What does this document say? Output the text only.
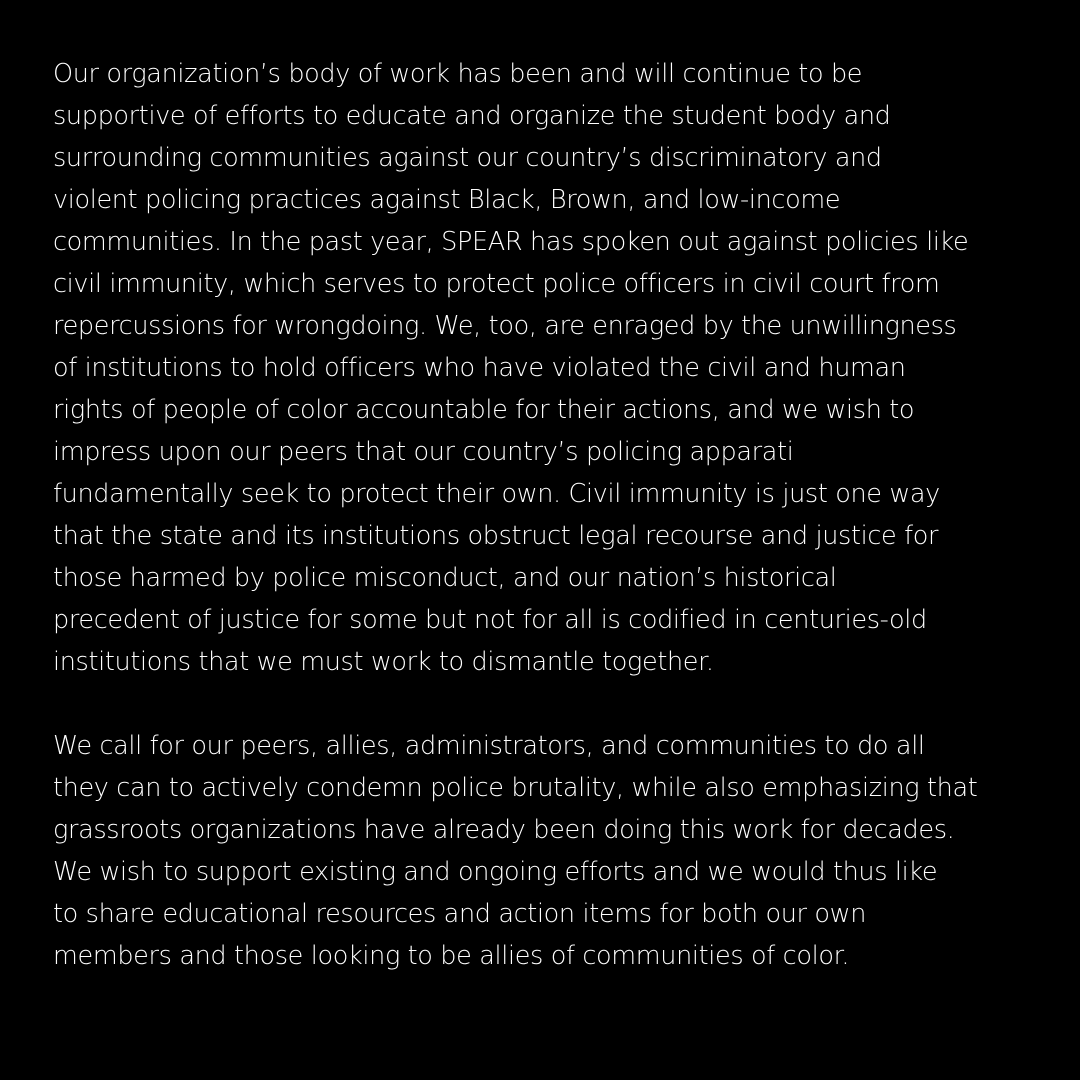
Our organization’s body of work has been and will continue to be
supportive of efforts to educate and organize the student body and
surrounding communities against our country’s discriminatory and
violent policing practices against Black, Brown, and low-income
communities. In the past year, SPEAR has spoken out against policies like
civil immunity, which serves to protect police officers in civil court from
repercussions for wrongdoing. We, too, are enraged by the unwillingness
of institutions to hold officers who have violated the civil and human
rights of people of color accountable for their actions, and we wish to
impress upon our peers that our country’s policing apparati
fundamentally seek to protect their own. Civil immunity is just one way
that the state and its institutions obstruct legal recourse and justice for
those harmed by police misconduct, and our nation’s historical
precedent of justice for some but not for all is codified in centuries-old
institutions that we must work to dismantle together.

We call for our peers, allies, administrators, and communities to do all
they can to actively condemn police brutality, while also emphasizing that
grassroots organizations have already been doing this work for decades.
We wish to support existing and ongoing efforts and we would thus like
to share educational resources and action items for both our own
members and those looking to be allies of communities of color.
